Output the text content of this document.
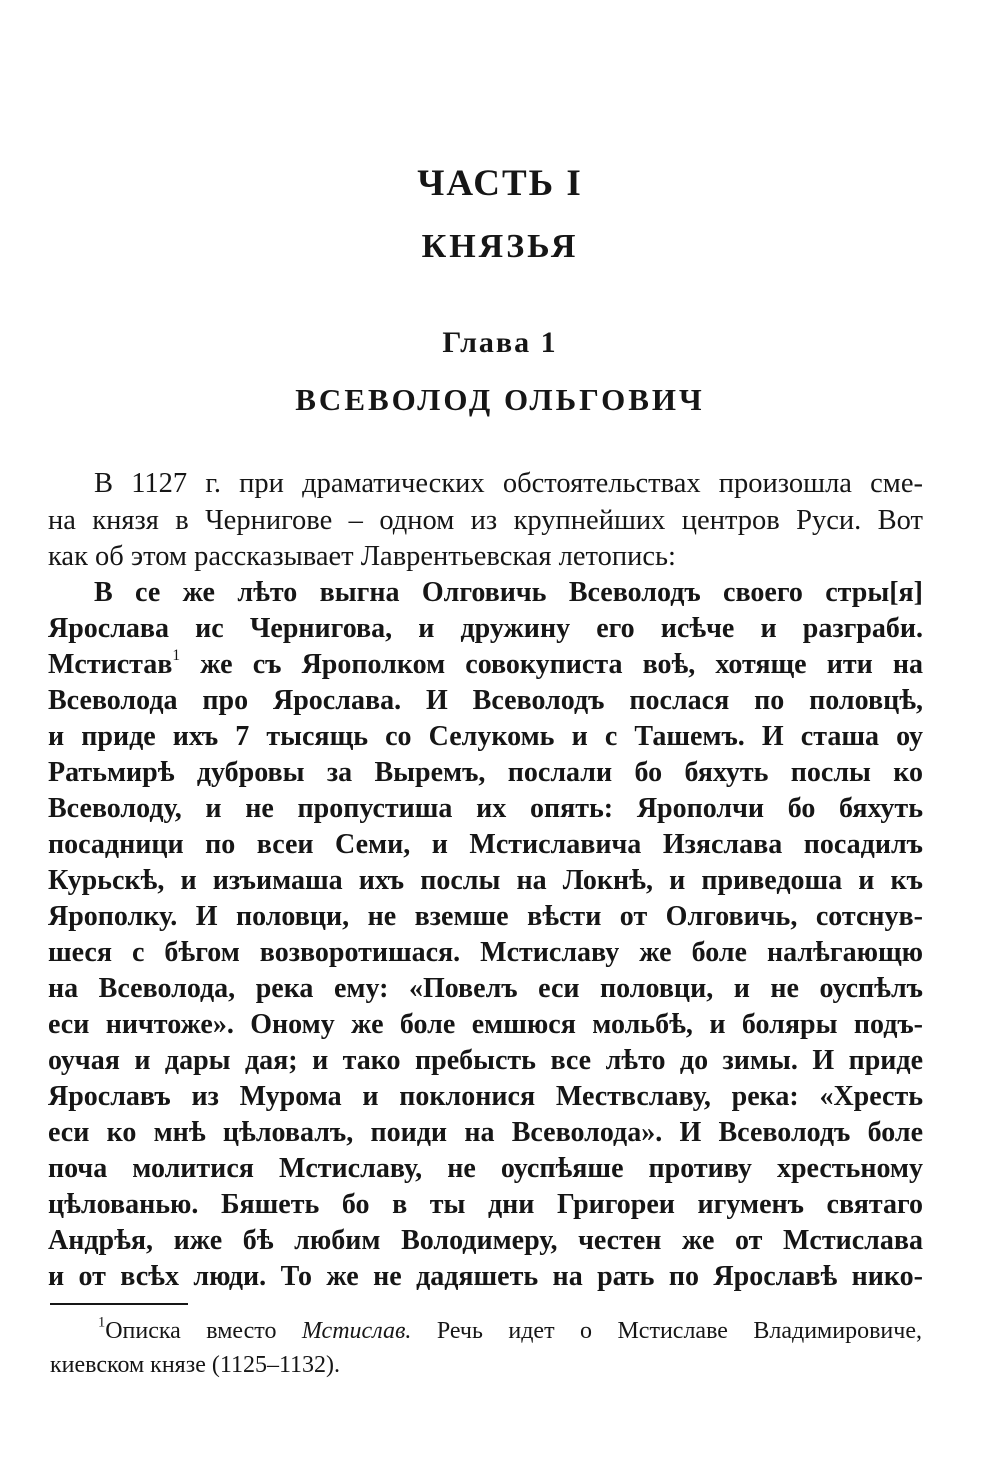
ЧАСТЬ I
КНЯЗЬЯ
Глава 1
ВСЕВОЛОД ОЛЬГОВИЧ

В 1127 г. при драматических обстоятельствах произошла сме-

на князя в Чернигове – одном из крупнейших центров Руси. Вот

как об этом рассказывает Лаврентьевская летопись:

В се же лѣто выгна Олговичь Всеволодъ своего стры[я]

Ярослава ис Чернигова, и дружину его исѣче и разграби.

Мстистав$^1$ же съ Ярополком совокуписта воѣ, хотяще ити на

Всеволода про Ярослава. И Всеволодъ послася по половцѣ,

и приде ихъ 7 тысящь со Селукомь и с Ташемъ. И сташа оу

Ратьмирѣ дубровы за Выремъ, послали бо бяхуть послы ко

Всеволоду, и не пропустиша их опять: Ярополчи бо бяхуть

посадници по всеи Семи, и Мстиславича Изяслава посадилъ

Курьскѣ, и изъимаша ихъ послы на Локнѣ, и приведоша и къ

Ярополку. И половци, не вземше вѣсти от Олговичь, сотснув-

шеся с бѣгом возворотишася. Мстиславу же боле налѣгающю

на Всеволода, река ему: «Повелъ еси половци, и не оуспѣлъ

еси ничтоже». Оному же боле емшюся мольбѣ, и боляры подъ-

оучая и дары дая; и тако пребысть все лѣто до зимы. И приде

Ярославъ из Мурома и поклонися Мествславу, река: «Хресть

еси ко мнѣ цѣловалъ, поиди на Всеволода». И Всеволодъ боле

поча молитися Мстиславу, не оуспѣяше противу хрестьному

цѣлованью. Бяшеть бо в ты дни Григореи игуменъ святаго

Андрѣя, иже бѣ любим Володимеру, честен же от Мстислава

и от всѣх люди. То же не дадяшеть на рать по Ярославѣ нико-

$^1$Описка вместо Мстислав. Речь идет о Мстиславе Владимировиче,

киевском князе (1125–1132).
